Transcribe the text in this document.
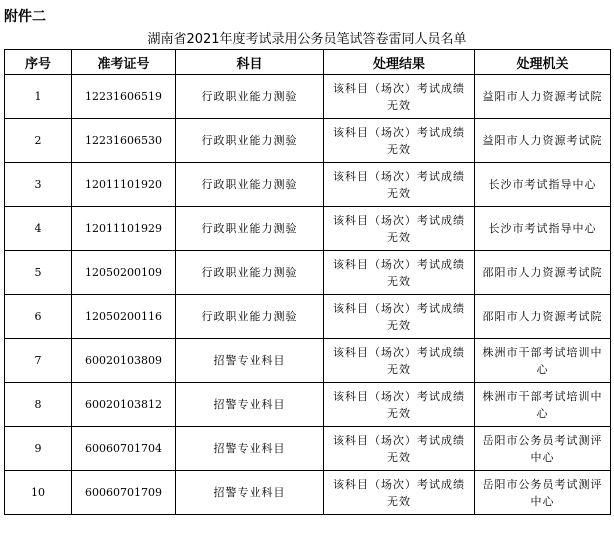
附件二
湖南省2021年度考试录用公务员笔试答卷雷同人员名单
序号	准考证号	科目	处理结果	处理机关
1	12231606519	行政职业能力测验	该科目（场次）考试成绩无效	益阳市人力资源考试院
2	12231606530	行政职业能力测验	该科目（场次）考试成绩无效	益阳市人力资源考试院
3	12011101920	行政职业能力测验	该科目（场次）考试成绩无效	长沙市考试指导中心
4	12011101929	行政职业能力测验	该科目（场次）考试成绩无效	长沙市考试指导中心
5	12050200109	行政职业能力测验	该科目（场次）考试成绩无效	邵阳市人力资源考试院
6	12050200116	行政职业能力测验	该科目（场次）考试成绩无效	邵阳市人力资源考试院
7	60020103809	招警专业科目	该科目（场次）考试成绩无效	株洲市干部考试培训中心
8	60020103812	招警专业科目	该科目（场次）考试成绩无效	株洲市干部考试培训中心
9	60060701704	招警专业科目	该科目（场次）考试成绩无效	岳阳市公务员考试测评中心
10	60060701709	招警专业科目	该科目（场次）考试成绩无效	岳阳市公务员考试测评中心
